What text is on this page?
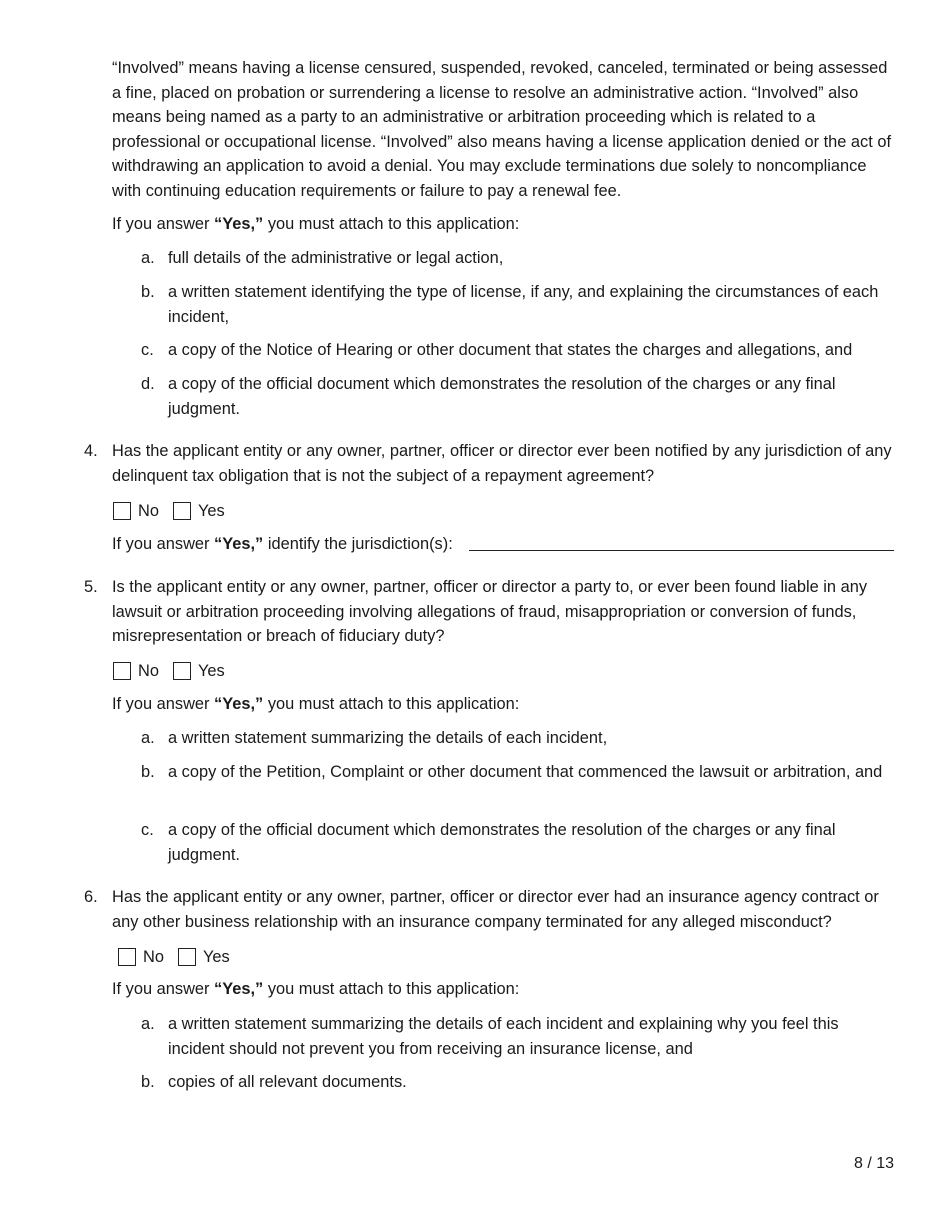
“Involved” means having a license censured, suspended, revoked, canceled, terminated or being assessed a fine, placed on probation or surrendering a license to resolve an administrative action. “Involved” also means being named as a party to an administrative or arbitration proceeding which is related to a professional or occupational license. “Involved” also means having a license application denied or the act of withdrawing an application to avoid a denial. You may exclude terminations due solely to noncompliance with continuing education requirements or failure to pay a renewal fee.

If you answer “Yes,” you must attach to this application:

a. full details of the administrative or legal action,
b. a written statement identifying the type of license, if any, and explaining the circumstances of each incident,
c. a copy of the Notice of Hearing or other document that states the charges and allegations, and
d. a copy of the official document which demonstrates the resolution of the charges or any final judgment.
4. Has the applicant entity or any owner, partner, officer or director ever been notified by any jurisdiction of any delinquent tax obligation that is not the subject of a repayment agreement?
No Yes

If you answer “Yes,” identify the jurisdiction(s):

5. Is the applicant entity or any owner, partner, officer or director a party to, or ever been found liable in any lawsuit or arbitration proceeding involving allegations of fraud, misappropriation or conversion of funds, misrepresentation or breach of fiduciary duty?
No Yes

If you answer “Yes,” you must attach to this application:

a. a written statement summarizing the details of each incident,
b. a copy of the Petition, Complaint or other document that commenced the lawsuit or arbitration, and
c. a copy of the official document which demonstrates the resolution of the charges or any final judgment.
6. Has the applicant entity or any owner, partner, officer or director ever had an insurance agency contract or any other business relationship with an insurance company terminated for any alleged misconduct?
No Yes

If you answer “Yes,” you must attach to this application:

a. a written statement summarizing the details of each incident and explaining why you feel this incident should not prevent you from receiving an insurance license, and
b. copies of all relevant documents.
8 / 13
